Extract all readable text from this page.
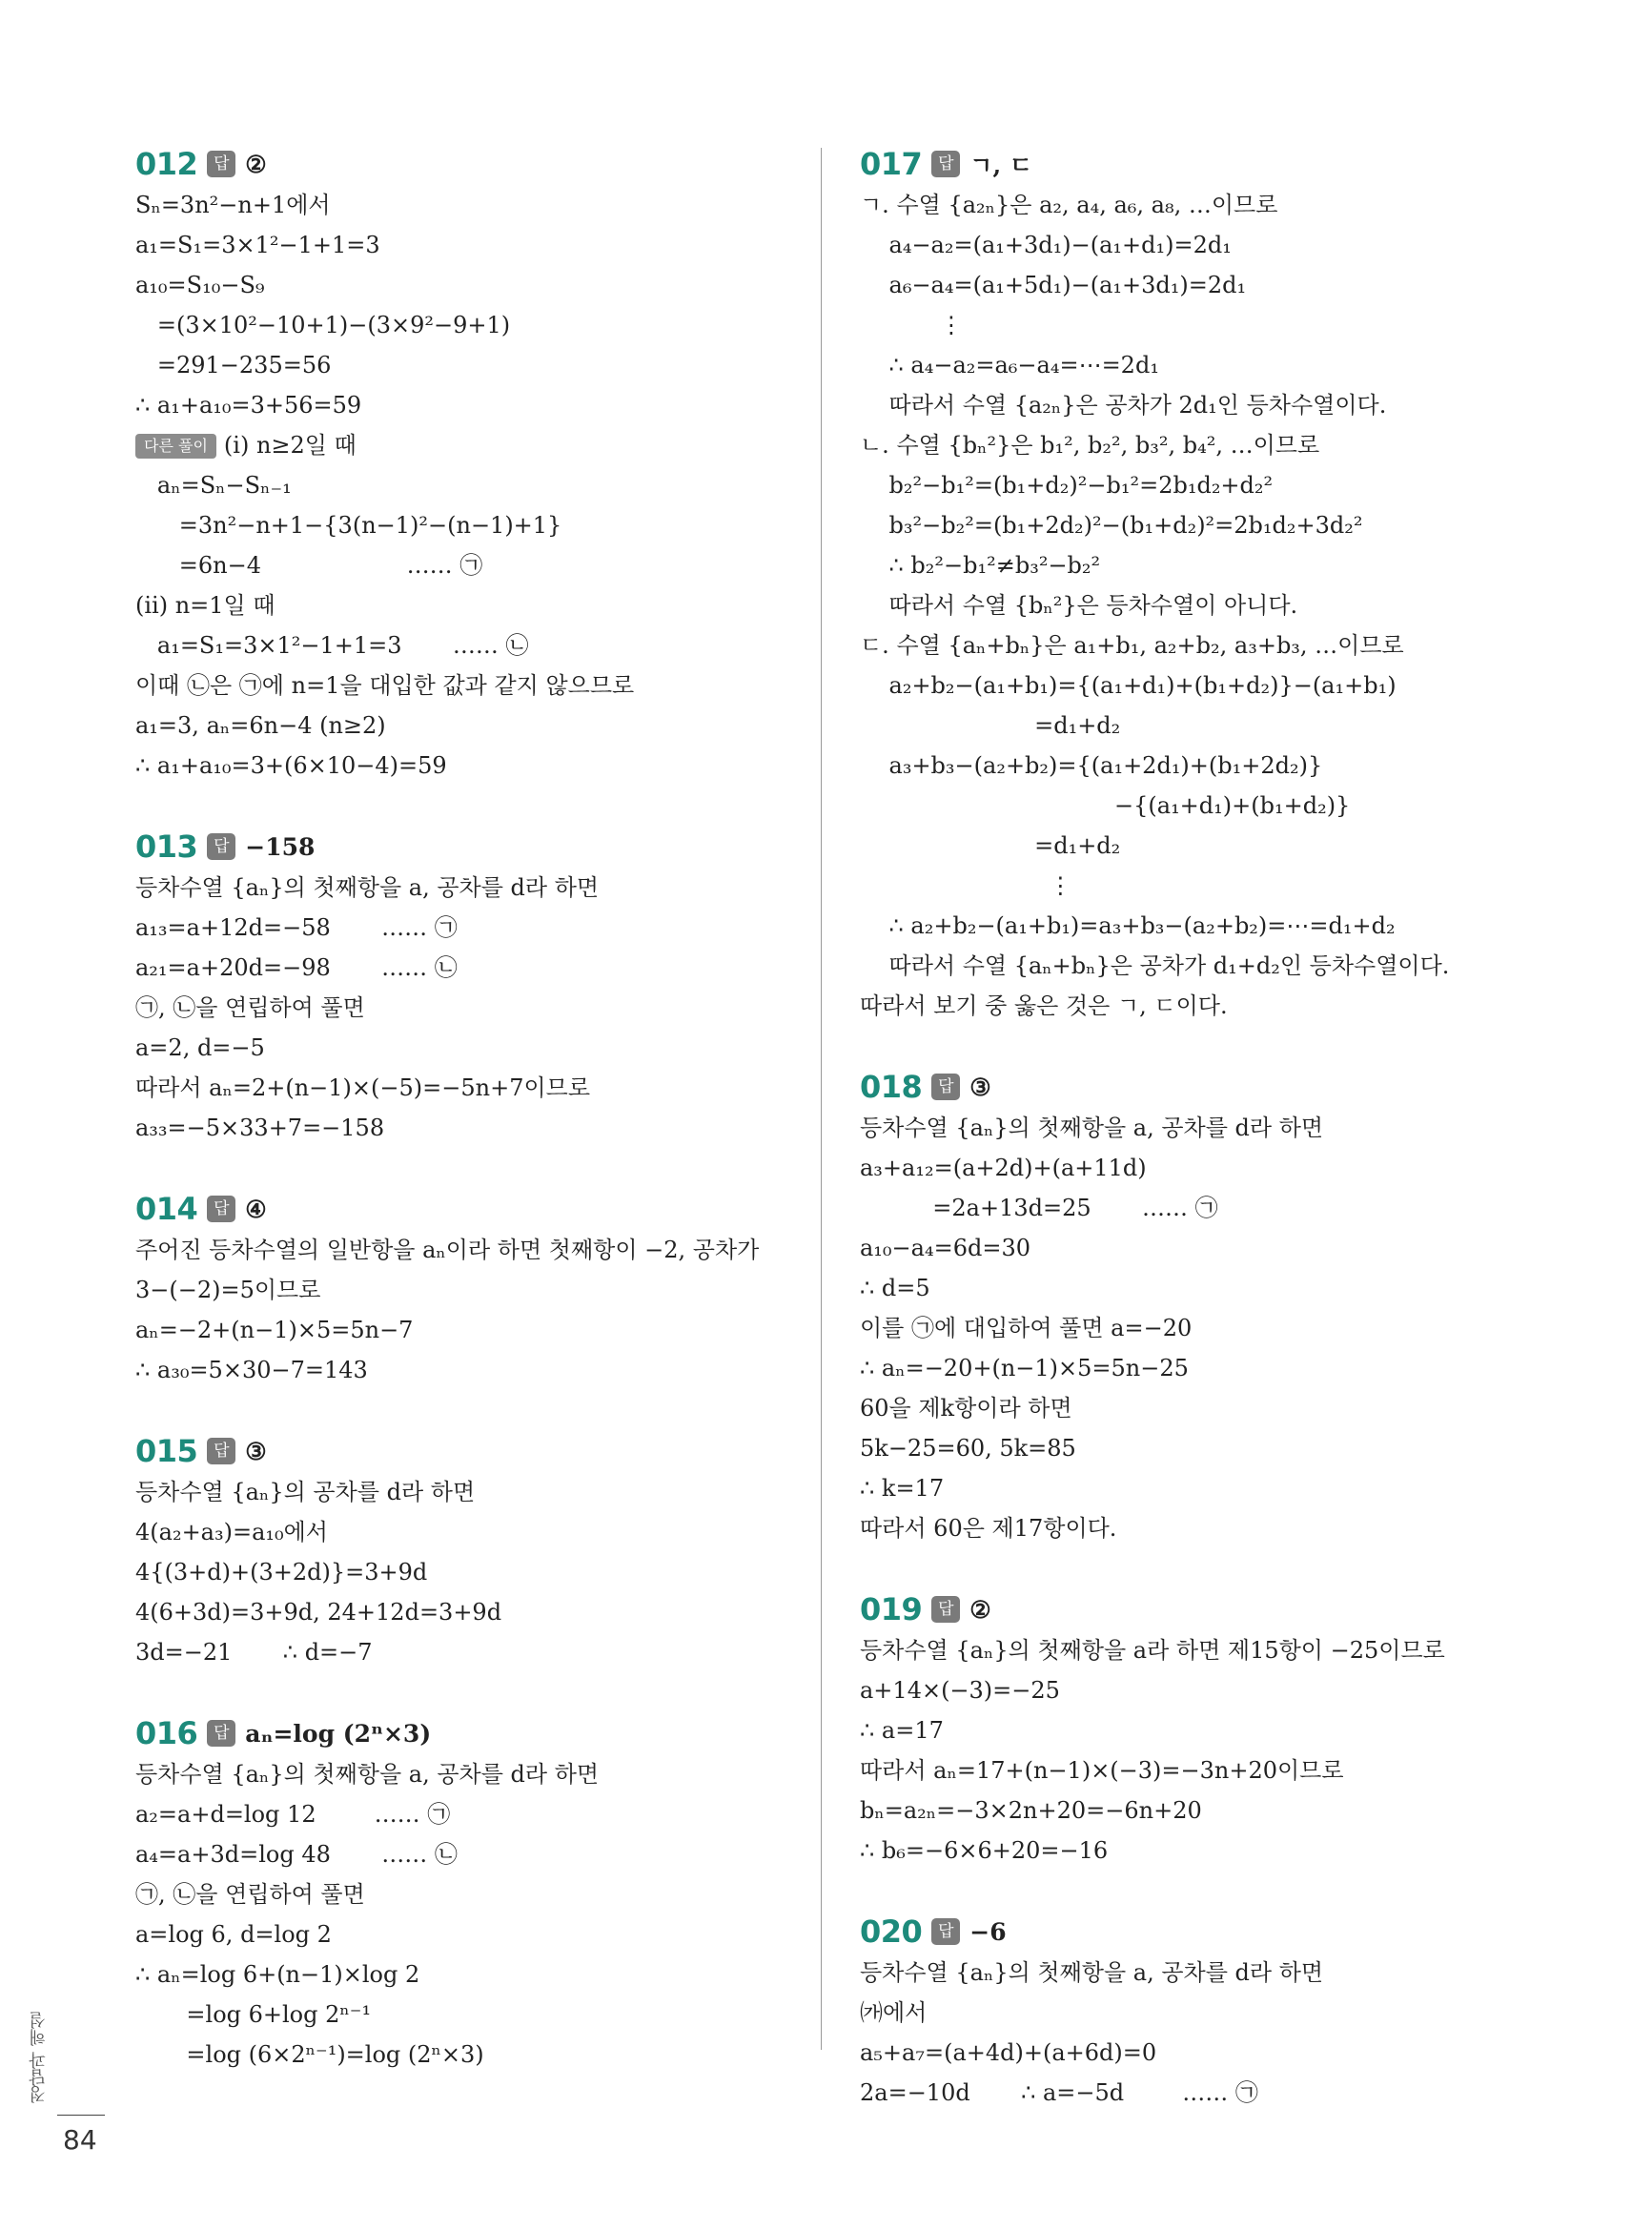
012 답 ②
Sₙ=3n²−n+1에서
a₁=S₁=3×1²−1+1=3
a₁₀=S₁₀−S₉
=(3×10²−10+1)−(3×9²−9+1)
=291−235=56
∴ a₁+a₁₀=3+56=59
다른 풀이 (ⅰ) n≥2일 때
aₙ=Sₙ−Sₙ₋₁
=3n²−n+1−{3(n−1)²−(n−1)+1}
=6n−4                    …… ㉠
(ⅱ) n=1일 때
a₁=S₁=3×1²−1+1=3       …… ㉡
이때 ㉡은 ㉠에 n=1을 대입한 값과 같지 않으므로
a₁=3, aₙ=6n−4 (n≥2)
∴ a₁+a₁₀=3+(6×10−4)=59
013 답 −158
등차수열 {aₙ}의 첫째항을 a, 공차를 d라 하면
a₁₃=a+12d=−58       …… ㉠
a₂₁=a+20d=−98       …… ㉡
㉠, ㉡을 연립하여 풀면
a=2, d=−5
따라서 aₙ=2+(n−1)×(−5)=−5n+7이므로
a₃₃=−5×33+7=−158
014 답 ④
주어진 등차수열의 일반항을 aₙ이라 하면 첫째항이 −2, 공차가
3−(−2)=5이므로
aₙ=−2+(n−1)×5=5n−7
∴ a₃₀=5×30−7=143
015 답 ③
등차수열 {aₙ}의 공차를 d라 하면
4(a₂+a₃)=a₁₀에서
4{(3+d)+(3+2d)}=3+9d
4(6+3d)=3+9d, 24+12d=3+9d
3d=−21       ∴ d=−7
016 답 aₙ=log (2ⁿ×3)
등차수열 {aₙ}의 첫째항을 a, 공차를 d라 하면
a₂=a+d=log 12        …… ㉠
a₄=a+3d=log 48       …… ㉡
㉠, ㉡을 연립하여 풀면
a=log 6, d=log 2
∴ aₙ=log 6+(n−1)×log 2
=log 6+log 2ⁿ⁻¹
=log (6×2ⁿ⁻¹)=log (2ⁿ×3)
017 답 ㄱ, ㄷ
ㄱ. 수열 {a₂ₙ}은 a₂, a₄, a₆, a₈, …이므로
a₄−a₂=(a₁+3d₁)−(a₁+d₁)=2d₁
a₆−a₄=(a₁+5d₁)−(a₁+3d₁)=2d₁
⋮
∴ a₄−a₂=a₆−a₄=⋯=2d₁
따라서 수열 {a₂ₙ}은 공차가 2d₁인 등차수열이다.
ㄴ. 수열 {bₙ²}은 b₁², b₂², b₃², b₄², …이므로
b₂²−b₁²=(b₁+d₂)²−b₁²=2b₁d₂+d₂²
b₃²−b₂²=(b₁+2d₂)²−(b₁+d₂)²=2b₁d₂+3d₂²
∴ b₂²−b₁²≠b₃²−b₂²
따라서 수열 {bₙ²}은 등차수열이 아니다.
ㄷ. 수열 {aₙ+bₙ}은 a₁+b₁, a₂+b₂, a₃+b₃, …이므로
a₂+b₂−(a₁+b₁)={(a₁+d₁)+(b₁+d₂)}−(a₁+b₁)
=d₁+d₂
a₃+b₃−(a₂+b₂)={(a₁+2d₁)+(b₁+2d₂)}
−{(a₁+d₁)+(b₁+d₂)}
=d₁+d₂
⋮
∴ a₂+b₂−(a₁+b₁)=a₃+b₃−(a₂+b₂)=⋯=d₁+d₂
따라서 수열 {aₙ+bₙ}은 공차가 d₁+d₂인 등차수열이다.
따라서 보기 중 옳은 것은 ㄱ, ㄷ이다.
018 답 ③
등차수열 {aₙ}의 첫째항을 a, 공차를 d라 하면
a₃+a₁₂=(a+2d)+(a+11d)
=2a+13d=25       …… ㉠
a₁₀−a₄=6d=30
∴ d=5
이를 ㉠에 대입하여 풀면 a=−20
∴ aₙ=−20+(n−1)×5=5n−25
60을 제k항이라 하면
5k−25=60, 5k=85
∴ k=17
따라서 60은 제17항이다.
019 답 ②
등차수열 {aₙ}의 첫째항을 a라 하면 제15항이 −25이므로
a+14×(−3)=−25
∴ a=17
따라서 aₙ=17+(n−1)×(−3)=−3n+20이므로
bₙ=a₂ₙ=−3×2n+20=−6n+20
∴ b₆=−6×6+20=−16
020 답 −6
등차수열 {aₙ}의 첫째항을 a, 공차를 d라 하면
㈎에서
a₅+a₇=(a+4d)+(a+6d)=0
2a=−10d       ∴ a=−5d        …… ㉠
정답과 해설
84
